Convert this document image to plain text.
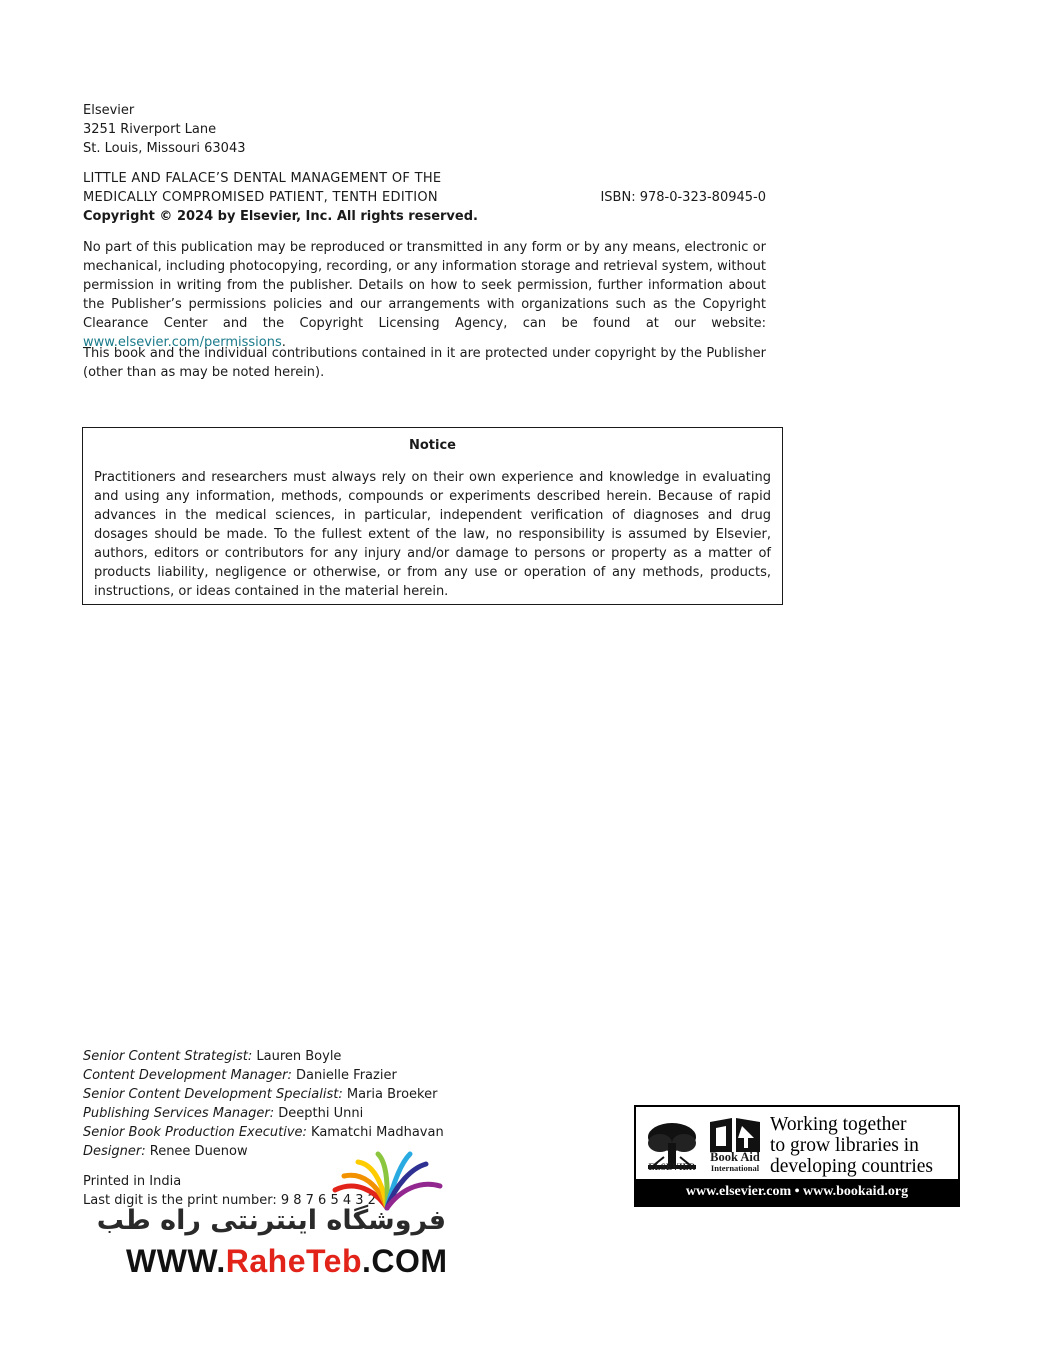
Elsevier
3251 Riverport Lane
St. Louis, Missouri 63043
LITTLE AND FALACE’S DENTAL MANAGEMENT OF THE
MEDICALLY COMPROMISED PATIENT, TENTH EDITION	ISBN: 978-0-323-80945-0
Copyright © 2024 by Elsevier, Inc. All rights reserved.
No part of this publication may be reproduced or transmitted in any form or by any means, electronic or mechanical, including photocopying, recording, or any information storage and retrieval system, without permission in writing from the publisher. Details on how to seek permission, further information about the Publisher’s permissions policies and our arrangements with organizations such as the Copyright Clearance Center and the Copyright Licensing Agency, can be found at our website: www.elsevier.com/permissions.
This book and the individual contributions contained in it are protected under copyright by the Publisher (other than as may be noted herein).
Notice
Practitioners and researchers must always rely on their own experience and knowledge in evaluating and using any information, methods, compounds or experiments described herein. Because of rapid advances in the medical sciences, in particular, independent verification of diagnoses and drug dosages should be made. To the fullest extent of the law, no responsibility is assumed by Elsevier, authors, editors or contributors for any injury and/or damage to persons or property as a matter of products liability, negligence or otherwise, or from any use or operation of any methods, products, instructions, or ideas contained in the material herein.
Senior Content Strategist: Lauren Boyle
Content Development Manager: Danielle Frazier
Senior Content Development Specialist: Maria Broeker
Publishing Services Manager: Deepthi Unni
Senior Book Production Executive: Kamatchi Madhavan
Designer: Renee Duenow
Printed in India
Last digit is the print number: 9 8 7 6 5 4 3 2 1
فروشگاه اینترنتی راه طب
WWW.RaheTeb.COM
ELSEVIER
Book Aid
International
Working together
to grow libraries in
developing countries
www.elsevier.com • www.bookaid.org
